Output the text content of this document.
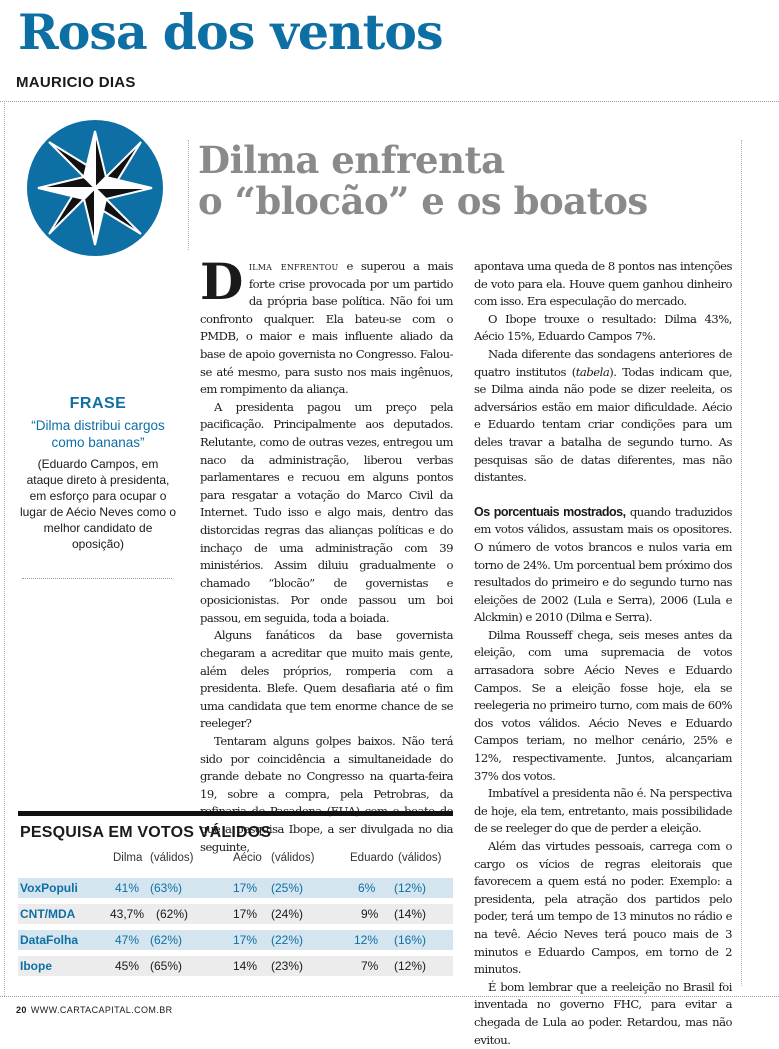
Rosa dos ventos
MAURICIO DIAS
Dilma enfrenta
o “blocão” e os boatos
FRASE
“Dilma distribui cargos como bananas”
(Eduardo Campos, em ataque direto à presidenta, em esforço para ocupar o lugar de Aécio Neves como o melhor candidato de oposição)

Dilma enfrentou e superou a mais forte crise provocada por um partido da própria base política. Não foi um confronto qualquer. Ela bateu-se com o PMDB, o maior e mais influente aliado da base de apoio governista no Congresso. Falou-se até mesmo, para susto nos mais ingênuos, em rompimento da aliança.

A presidenta pagou um preço pela pacificação. Principalmente aos deputados. Relutante, como de outras vezes, entregou um naco da administração, liberou verbas parlamentares e recuou em alguns pontos para resgatar a votação do Marco Civil da Internet. Tudo isso e algo mais, dentro das distorcidas regras das alianças políticas e do inchaço de uma administração com 39 ministérios. Assim diluiu gradualmente o chamado “blocão” de governistas e oposicionistas. Por onde passou um boi passou, em seguida, toda a boiada.

Alguns fanáticos da base governista chegaram a acreditar que muito mais gente, além deles próprios, romperia com a presidenta. Blefe. Quem desafiaria até o fim uma candidata que tem enorme chance de se reeleger?

Tentaram alguns golpes baixos. Não terá sido por coincidência a simultaneidade do grande debate no Congresso na quarta-feira 19, sobre a compra, pela Petrobras, da que a pesquisa Ibope, a ser divulgada no dia seguinte,

apontava uma queda de 8 pontos nas intenções de voto para ela. Houve quem ganhou dinheiro com isso. Era especulação do mercado.

O Ibope trouxe o resultado: Dilma 43%, Aécio 15%, Eduardo Campos 7%.

Nada diferente das sondagens anteriores de quatro institutos (tabela). Todas indicam que, se Dilma ainda não pode se dizer reeleita, os adversários estão em maior dificuldade. Aécio e Eduardo tentam criar condições para um deles travar a batalha de segundo turno. As pesquisas são de datas diferentes, mas não distantes.

Os porcentuais mostrados, quando traduzidos em votos válidos, assustam mais os opositores. O número de votos brancos e nulos varia em torno de 24%. Um porcentual bem próximo dos resultados do primeiro e do segundo turno nas eleições de 2002 (Lula e Serra), 2006 (Lula e Alckmin) e 2010 (Dilma e Serra).

Dilma Rousseff chega, seis meses antes da eleição, com uma supremacia de votos arrasadora sobre Aécio Neves e Eduardo Campos. Se a eleição fosse hoje, ela se reelegeria no primeiro turno, com mais de 60% dos votos válidos. Aécio Neves e Eduardo Campos teriam, no melhor cenário, 25% e 12%, respectivamente. Juntos, alcançariam 37% dos votos.

Imbatível a presidenta não é. Na perspectiva de hoje, ela tem, entretanto, mais possibilidade de se reeleger do que de perder a eleição.

Além das virtudes pessoais, carrega com o cargo os vícios de regras eleitorais que favorecem a quem está no poder. Exemplo: a presidenta, pela atração dos partidos pelo poder, terá um tempo de 13 minutos no rádio e na tevê. Aécio Neves terá pouco mais de 3 minutos e Eduardo Campos, em torno de 2 minutos.

É bom lembrar que a reeleição no Brasil foi inventada no governo FHC, para evitar a chegada de Lula ao poder. Retardou, mas não evitou.

PESQUISA EM VOTOS VÁLIDOS
Dilma (válidos)	Aécio (válidos)	Eduardo (válidos)
VoxPopuli	41% (63%)	17% (25%)	6% (12%)
CNT/MDA	43,7% (62%)	17% (24%)	9% (14%)
DataFolha	47% (62%)	17% (22%)	12% (16%)
Ibope	45% (65%)	14% (23%)	7% (12%)
20 WWW.CARTACAPITAL.COM.BR
